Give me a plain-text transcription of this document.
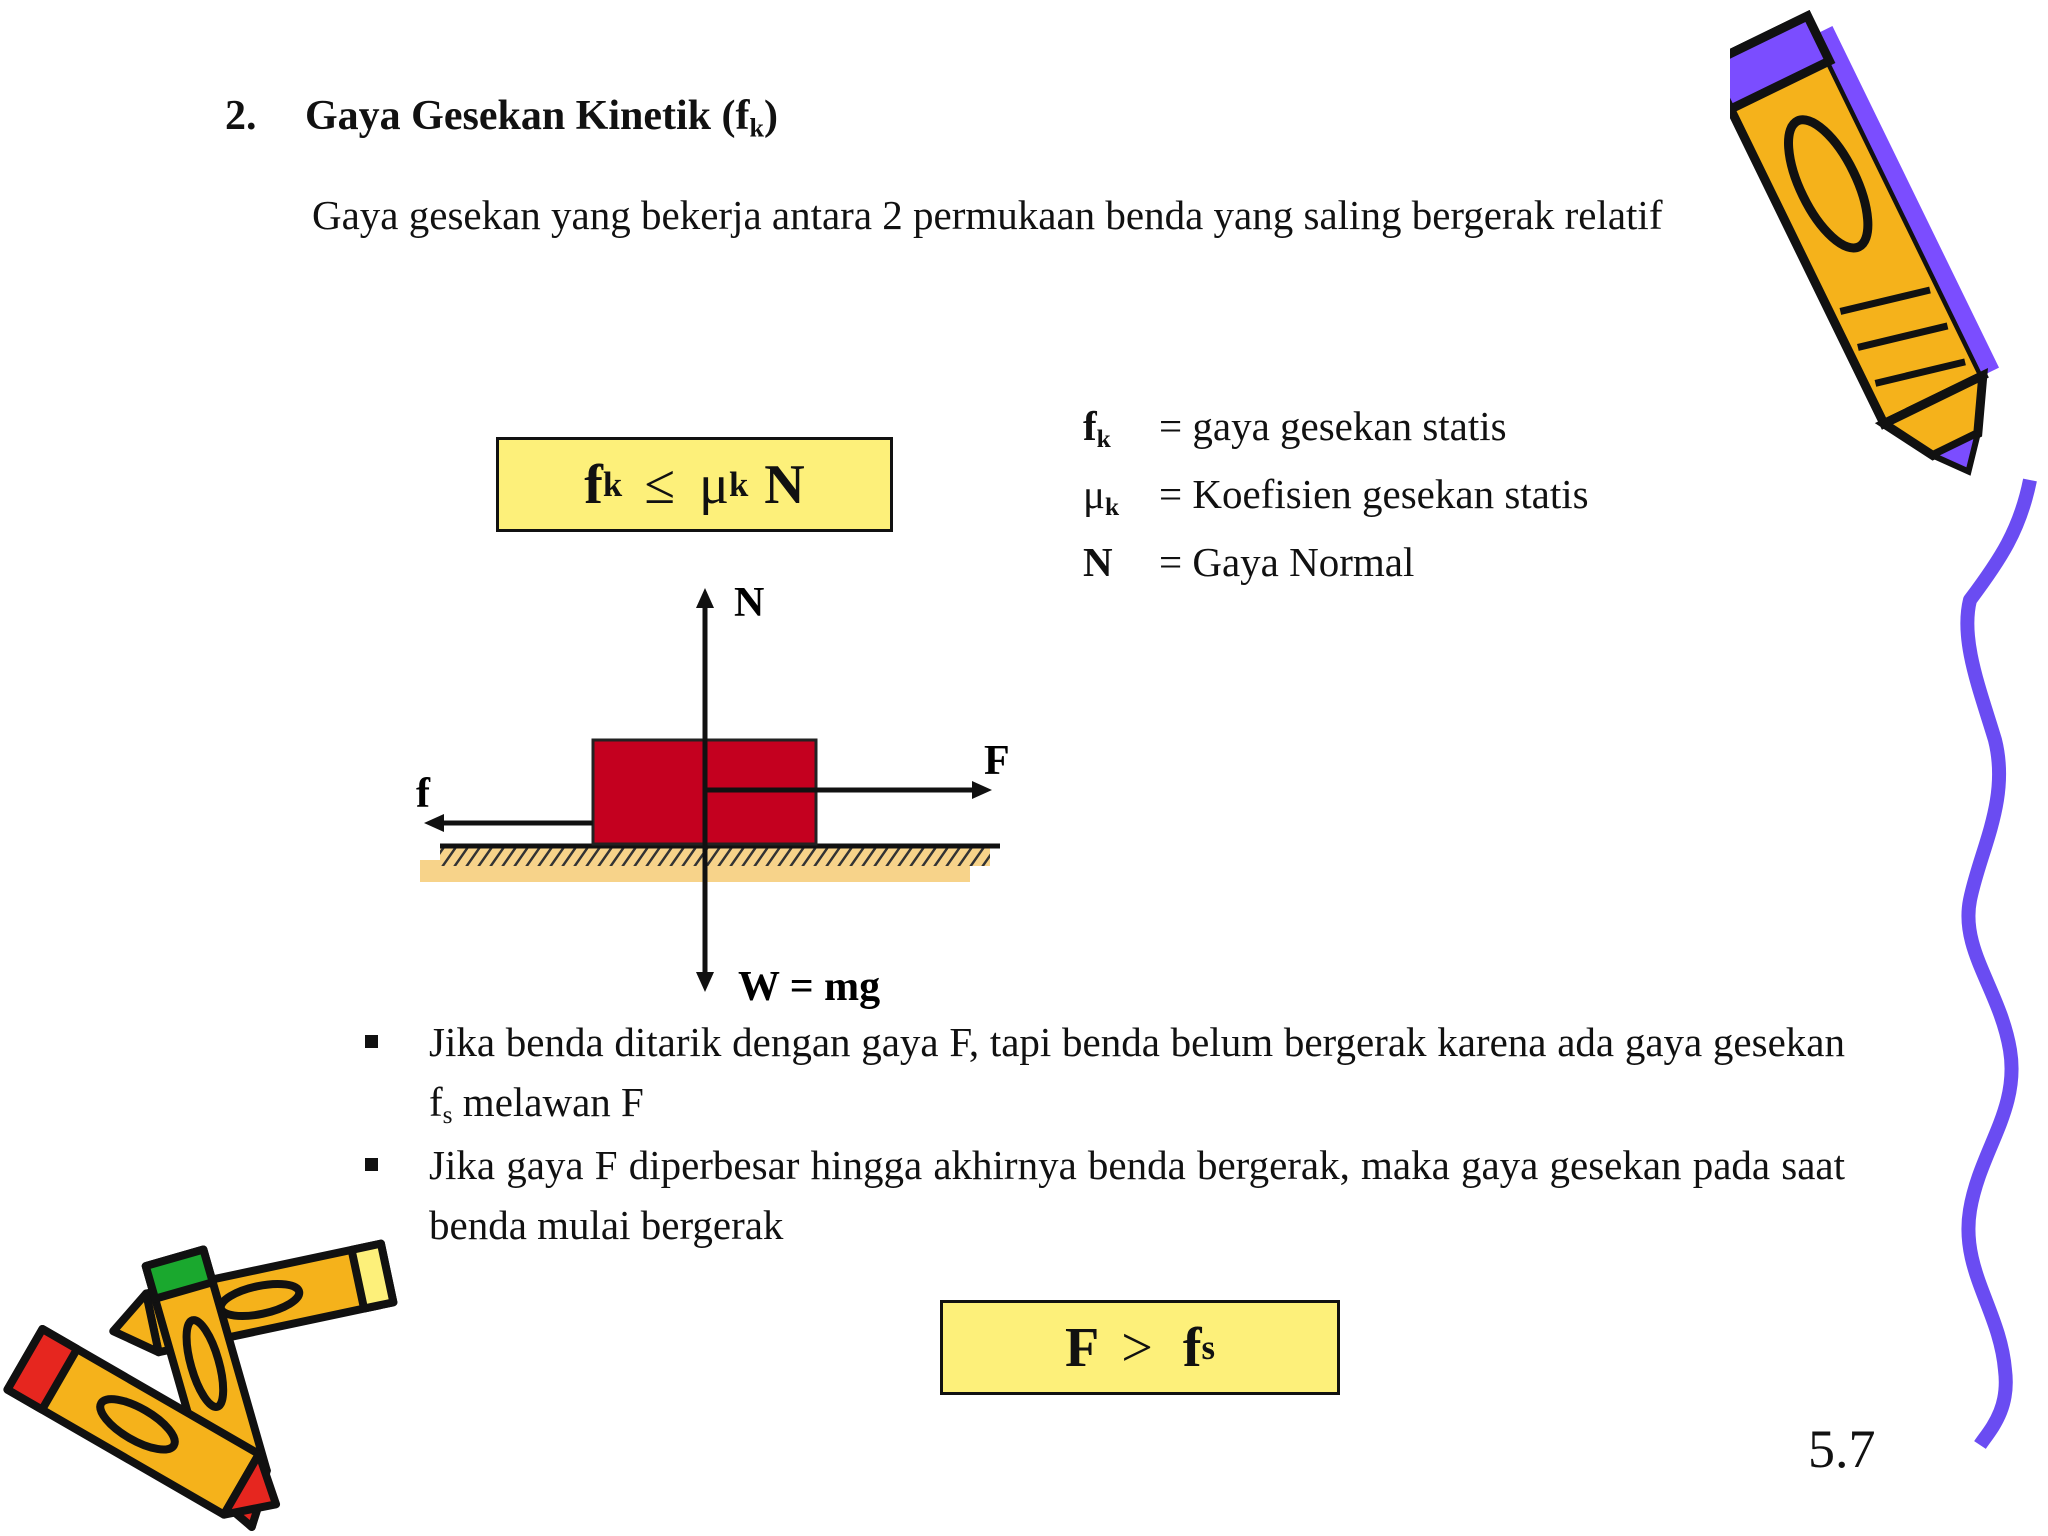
2. Gaya Gesekan Kinetik $(f_k)$
Gaya gesekan yang bekerja antara 2 permukaan benda yang saling bergerak relatif
f k ≤ μ k N
$f_k$ = gaya gesekan statis
$\mu_k$ = Koefisien gesekan statis
N = Gaya Normal
N
F
f
W = mg
Jika benda ditarik dengan gaya F, tapi benda belum bergerak karena ada gaya gesekan $f_s$ melawan F
Jika gaya F diperbesar hingga akhirnya benda bergerak, maka gaya gesekan pada saat benda mulai bergerak
F > f s
5.7
